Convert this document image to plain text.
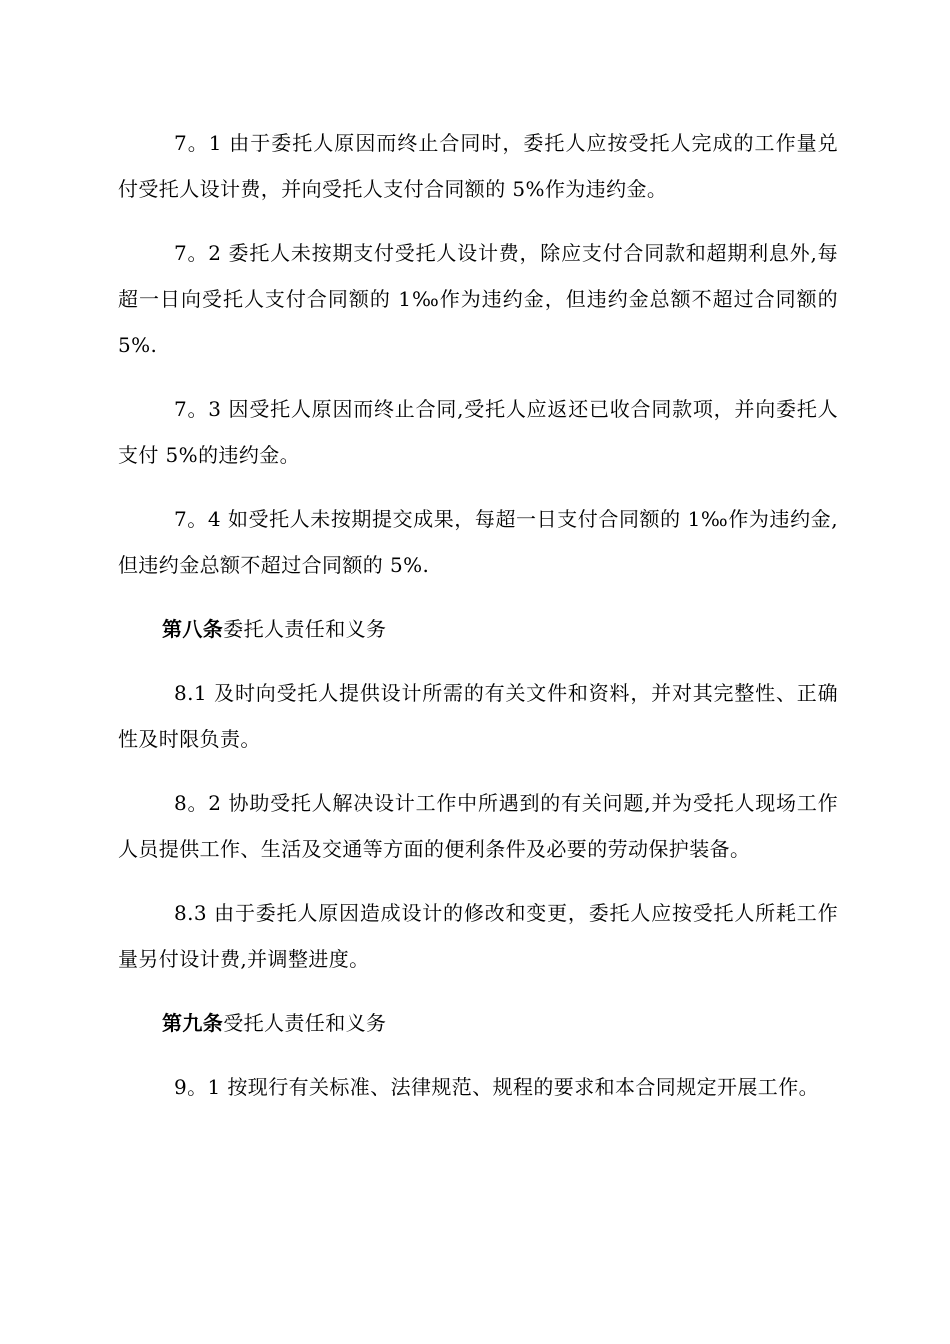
7。1 由于委托人原因而终止合同时，委托人应按受托人完成的工作量兑付受托人设计费，并向受托人支付合同额的 5%作为违约金。

7。2 委托人未按期支付受托人设计费，除应支付合同款和超期利息外,每超一日向受托人支付合同额的 1‰作为违约金，但违约金总额不超过合同额的 5%.

7。3 因受托人原因而终止合同,受托人应返还已收合同款项，并向委托人支付 5%的违约金。

7。4 如受托人未按期提交成果，每超一日支付合同额的 1‰作为违约金,但违约金总额不超过合同额的 5%.

第八条委托人责任和义务

8.1 及时向受托人提供设计所需的有关文件和资料，并对其完整性、正确性及时限负责。

8。2 协助受托人解决设计工作中所遇到的有关问题,并为受托人现场工作人员提供工作、生活及交通等方面的便利条件及必要的劳动保护装备。

8.3 由于委托人原因造成设计的修改和变更，委托人应按受托人所耗工作量另付设计费,并调整进度。

第九条受托人责任和义务

9。1 按现行有关标准、法律规范、规程的要求和本合同规定开展工作。
